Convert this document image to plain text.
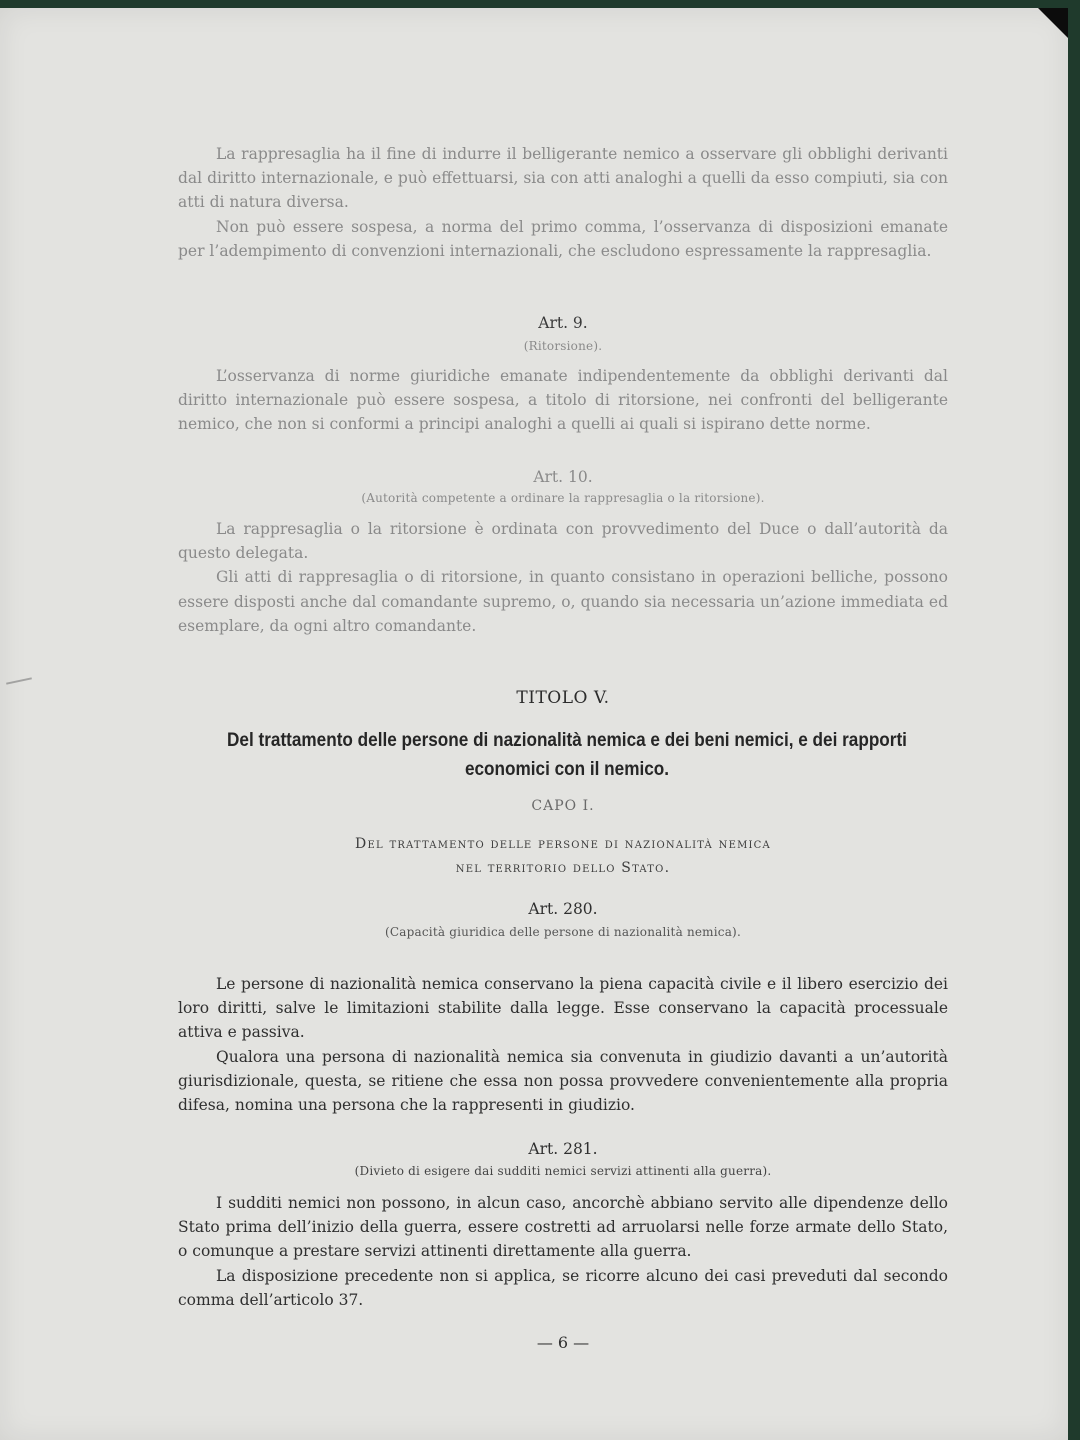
La rappresaglia ha il fine di indurre il belligerante nemico a osservare gli obblighi derivanti dal diritto internazionale, e può effettuarsi, sia con atti analoghi a quelli da esso compiuti, sia con atti di natura diversa.

Non può essere sospesa, a norma del primo comma, l’osservanza di disposizioni emanate per l’adempimento di convenzioni internazionali, che escludono espressamente la rappresaglia.

Art. 9.
(Ritorsione).

L’osservanza di norme giuridiche emanate indipendentemente da obblighi derivanti dal diritto internazionale può essere sospesa, a titolo di ritorsione, nei confronti del belligerante nemico, che non si conformi a principi analoghi a quelli ai quali si ispirano dette norme.

Art. 10.
(Autorità competente a ordinare la rappresaglia o la ritorsione).

La rappresaglia o la ritorsione è ordinata con provvedimento del Duce o dall’autorità da questo delegata.

Gli atti di rappresaglia o di ritorsione, in quanto consistano in operazioni belliche, possono essere disposti anche dal comandante supremo, o, quando sia necessaria un’azione immediata ed esemplare, da ogni altro comandante.

TITOLO V.
Del trattamento delle persone di nazionalità nemica e dei beni nemici, e dei rapporti
economici con il nemico.
CAPO I.
Del trattamento delle persone di nazionalità nemica
nel territorio dello Stato.
Art. 280.
(Capacità giuridica delle persone di nazionalità nemica).

Le persone di nazionalità nemica conservano la piena capacità civile e il libero esercizio dei loro diritti, salve le limitazioni stabilite dalla legge. Esse conservano la capacità processuale attiva e passiva.

Qualora una persona di nazionalità nemica sia convenuta in giudizio davanti a un’autorità giurisdizionale, questa, se ritiene che essa non possa provvedere convenientemente alla propria difesa, nomina una persona che la rappresenti in giudizio.

Art. 281.
(Divieto di esigere dai sudditi nemici servizi attinenti alla guerra).

I sudditi nemici non possono, in alcun caso, ancorchè abbiano servito alle dipendenze dello Stato prima dell’inizio della guerra, essere costretti ad arruolarsi nelle forze armate dello Stato, o comunque a prestare servizi attinenti direttamente alla guerra.

La disposizione precedente non si applica, se ricorre alcuno dei casi preveduti dal secondo comma dell’articolo 37.

— 6 —
